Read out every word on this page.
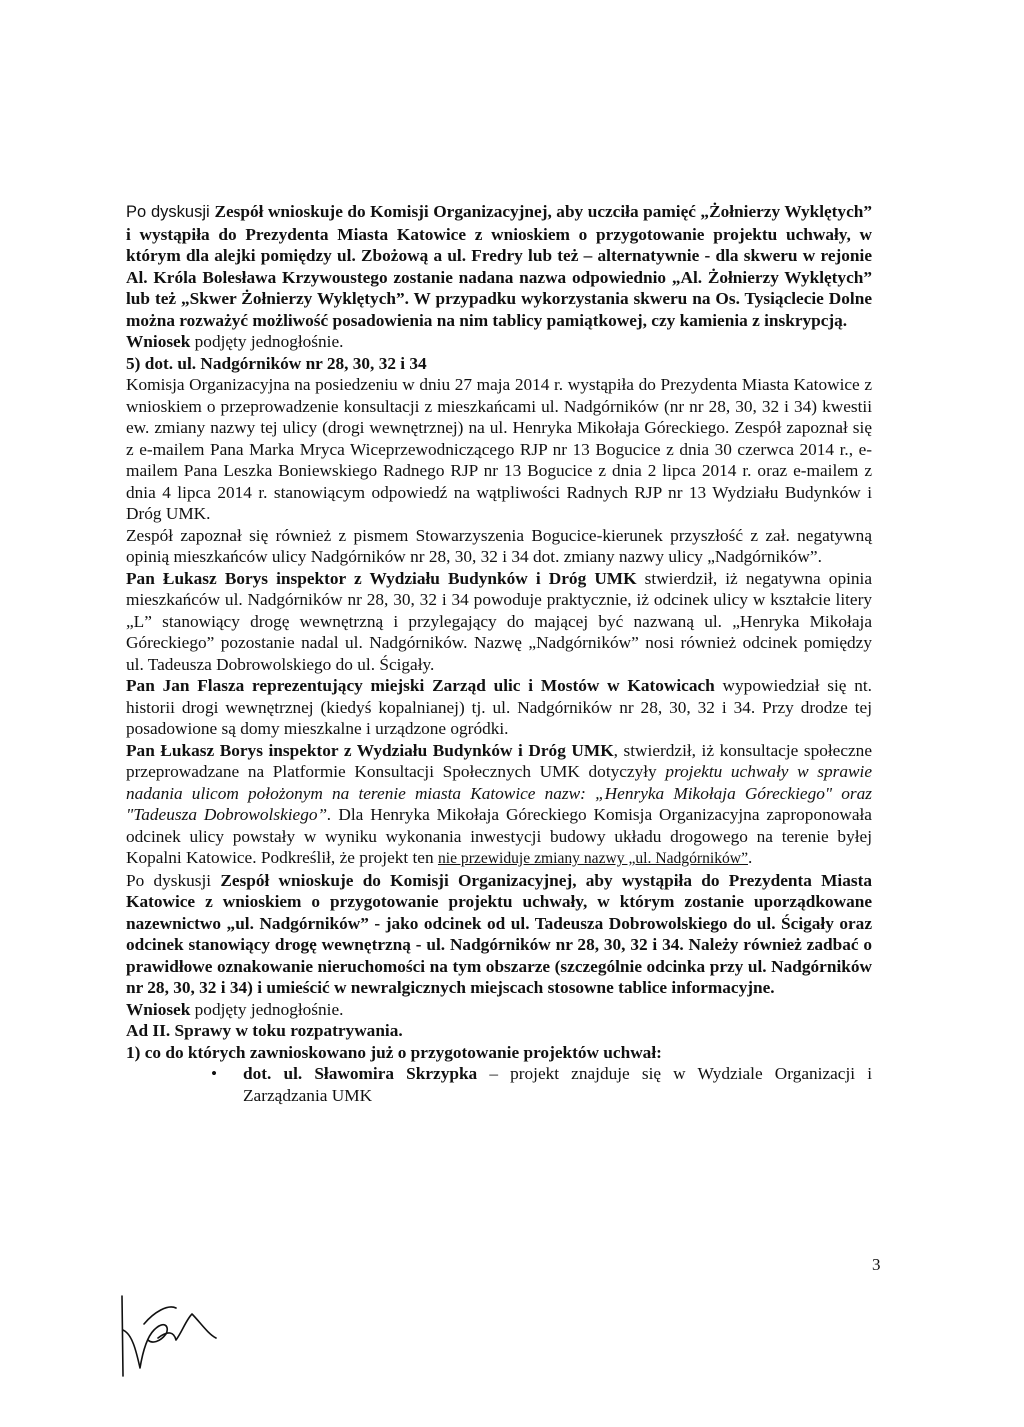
Po dyskusji Zespół wnioskuje do Komisji Organizacyjnej, aby uczciła pamięć „Żołnierzy Wyklętych” i wystąpiła do Prezydenta Miasta Katowice z wnioskiem o przygotowanie projektu uchwały, w którym dla alejki pomiędzy ul. Zbożową a ul. Fredry lub też – alternatywnie - dla skweru w rejonie Al. Króla Bolesława Krzywoustego zostanie nadana nazwa odpowiednio „Al. Żołnierzy Wyklętych” lub też „Skwer Żołnierzy Wyklętych”. W przypadku wykorzystania skweru na Os. Tysiąclecie Dolne można rozważyć możliwość posadowienia na nim tablicy pamiątkowej, czy kamienia z inskrypcją.

Wniosek podjęty jednogłośnie.

5) dot. ul. Nadgórników nr 28, 30, 32 i 34

Komisja Organizacyjna na posiedzeniu w dniu 27 maja 2014 r. wystąpiła do Prezydenta Miasta Katowice z wnioskiem o przeprowadzenie konsultacji z mieszkańcami ul. Nadgórników (nr nr 28, 30, 32 i 34) kwestii ew. zmiany nazwy tej ulicy (drogi wewnętrznej) na ul. Henryka Mikołaja Góreckiego. Zespół zapoznał się z e-mailem Pana Marka Mryca Wiceprzewodniczącego RJP nr 13 Bogucice z dnia 30 czerwca 2014 r., e-mailem Pana Leszka Boniewskiego Radnego RJP nr 13 Bogucice z dnia 2 lipca 2014 r. oraz e-mailem z dnia 4 lipca 2014 r. stanowiącym odpowiedź na wątpliwości Radnych RJP nr 13 Wydziału Budynków i Dróg UMK.

Zespół zapoznał się również z pismem Stowarzyszenia Bogucice-kierunek przyszłość z zał. negatywną opinią mieszkańców ulicy Nadgórników nr 28, 30, 32 i 34 dot. zmiany nazwy ulicy „Nadgórników”.

Pan Łukasz Borys inspektor z Wydziału Budynków i Dróg UMK stwierdził, iż negatywna opinia mieszkańców ul. Nadgórników nr 28, 30, 32 i 34 powoduje praktycznie, iż odcinek ulicy w kształcie litery „L” stanowiący drogę wewnętrzną i przylegający do mającej być nazwaną ul. „Henryka Mikołaja Góreckiego” pozostanie nadal ul. Nadgórników. Nazwę „Nadgórników” nosi również odcinek pomiędzy ul. Tadeusza Dobrowolskiego do ul. Ścigały.

Pan Jan Flasza reprezentujący miejski Zarząd ulic i Mostów w Katowicach wypowiedział się nt. historii drogi wewnętrznej (kiedyś kopalnianej) tj. ul. Nadgórników nr 28, 30, 32 i 34. Przy drodze tej posadowione są domy mieszkalne i urządzone ogródki.

Pan Łukasz Borys inspektor z Wydziału Budynków i Dróg UMK, stwierdził, iż konsultacje społeczne przeprowadzane na Platformie Konsultacji Społecznych UMK dotyczyły projektu uchwały w sprawie nadania ulicom położonym na terenie miasta Katowice nazw: „Henryka Mikołaja Góreckiego" oraz "Tadeusza Dobrowolskiego”. Dla Henryka Mikołaja Góreckiego Komisja Organizacyjna zaproponowała odcinek ulicy powstały w wyniku wykonania inwestycji budowy układu drogowego na terenie byłej Kopalni Katowice. Podkreślił, że projekt ten nie przewiduje zmiany nazwy „ul. Nadgórników”.

Po dyskusji Zespół wnioskuje do Komisji Organizacyjnej, aby wystąpiła do Prezydenta Miasta Katowice z wnioskiem o przygotowanie projektu uchwały, w którym zostanie uporządkowane nazewnictwo „ul. Nadgórników” - jako odcinek od ul. Tadeusza Dobrowolskiego do ul. Ścigały oraz odcinek stanowiący drogę wewnętrzną - ul. Nadgórników nr 28, 30, 32 i 34. Należy również zadbać o prawidłowe oznakowanie nieruchomości na tym obszarze (szczególnie odcinka przy ul. Nadgórników nr 28, 30, 32 i 34) i umieścić w newralgicznych miejscach stosowne tablice informacyjne.

Wniosek podjęty jednogłośnie.

Ad II. Sprawy w toku rozpatrywania.

1) co do których zawnioskowano już o przygotowanie projektów uchwał:

• dot. ul. Sławomira Skrzypka – projekt znajduje się w Wydziale Organizacji i Zarządzania UMK

3
